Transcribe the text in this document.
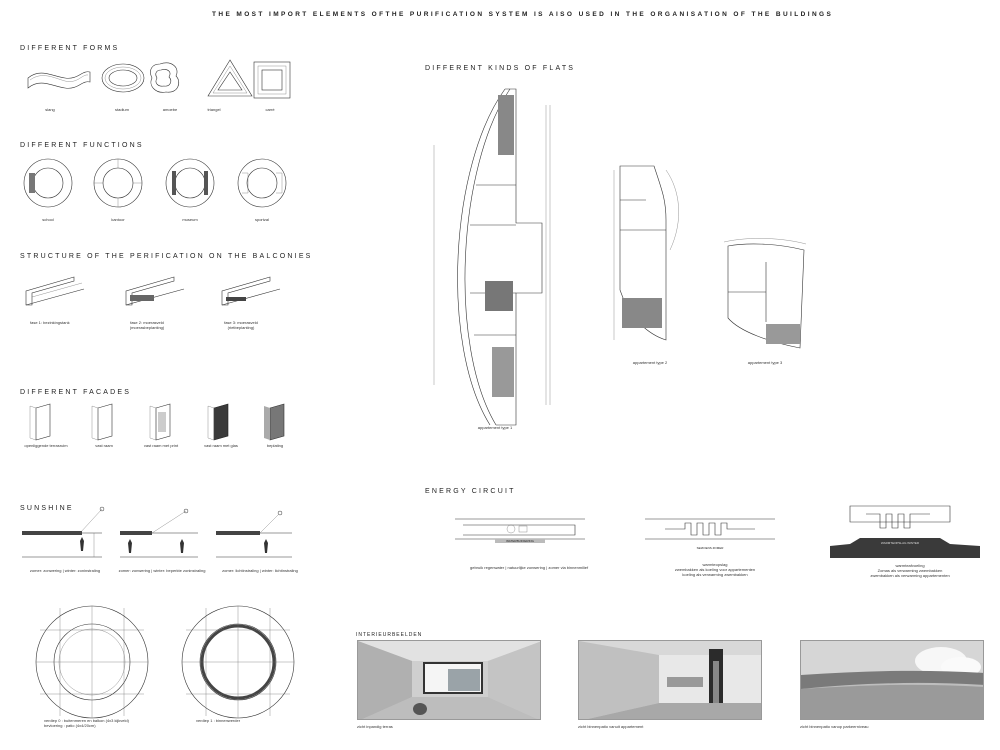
THE MOST IMPORT ELEMENTS OFTHE PURIFICATION SYSTEM IS AlSO USED IN THE ORGANISATION OF THE BUILDINGS
DIFFERENT FORMS
slang	stadium	amoebe	triangel	carré
DIFFERENT FUNCTIONS
school	kantoor	museum	sportzal
STRUCTURE OF THE PERIFICATION ON THE BALCONIES
fase 1: bezinkingstank	fase 2: moerasveld
(moerasbeplanting)
fase 3: moerasveld
(rietbeplanting)
DIFFERENT FACADES
openliggende terrasruim	vast raam	vast raam met print	vast raam met glas	beplating
SUNSHINE
zomer: zonwering | winter: zoninstraling	zomer: zonwering | winter: beperkte zoninstraling	zomer: lichtinstraling | winter: lichtinstraling
verdiep 0 : buitenmeren en balkon (4x3 kijkveld)
bevloering : patio (4x4/20cm)
verdiep 1 : binnenwerder
DIFFERENT KINDS OF FLATS
appartement type 1
appartement type 2	appartement type 3
ENERGY CIRCUIT
WATERBUFFERING
gebruik regenwater | natuurlijke zonwering | zomer via binnenmilief
SEIZOENS ZOMER
warmteopslag
zwembakken als koeling voor appartementen
koeling als verwarming zwembakken
WARMTEOPSLAG WINTER
warmteafvoeling
Zomas als verwarming zwembakken
zwembakken als verwarming appartementen
INTERIEURBEELDEN
zicht inpandig terras	zicht binnenpatio vanuit appartement	zicht binnenpatio vanop parkeerniveau
